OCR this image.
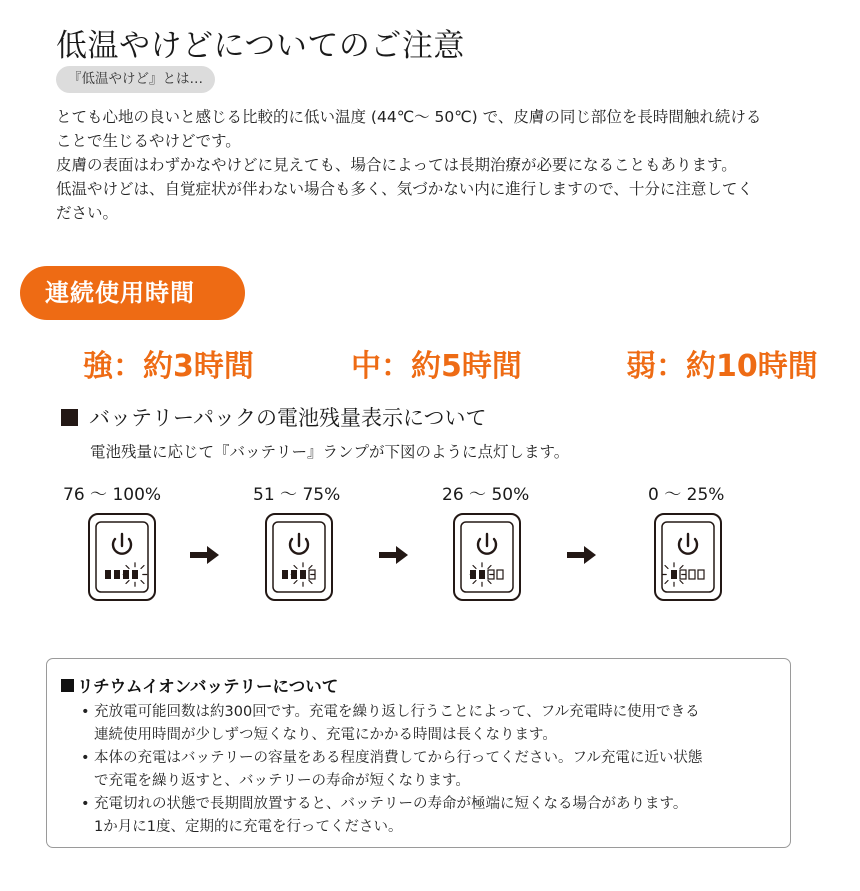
低温やけどについてのご注意
『低温やけど』とは…

とても心地の良いと感じる比較的に低い温度 (44℃〜 50℃) で、皮膚の同じ部位を長時間触れ続ける

ことで生じるやけどです。

皮膚の表面はわずかなやけどに見えても、場合によっては長期治療が必要になることもあります。

低温やけどは、自覚症状が伴わない場合も多く、気づかない内に進行しますので、十分に注意してく

ださい。

連続使用時間
強：約3時間	中：約5時間	弱：約10時間
バッテリーパックの電池残量表示について
電池残量に応じて『バッテリー』ランプが下図のように点灯します。
76 ～ 100%	51 ～ 75%	26 ～ 50%	0 ～ 25%
リチウムイオンバッテリーについて
• 充放電可能回数は約300回です。充電を繰り返し行うことによって、フル充電時に使用できる
連続使用時間が少しずつ短くなり、充電にかかる時間は長くなります。
• 本体の充電はバッテリーの容量をある程度消費してから行ってください。フル充電に近い状態
で充電を繰り返すと、バッテリーの寿命が短くなります。
• 充電切れの状態で長期間放置すると、バッテリーの寿命が極端に短くなる場合があります。
1か月に1度、定期的に充電を行ってください。
